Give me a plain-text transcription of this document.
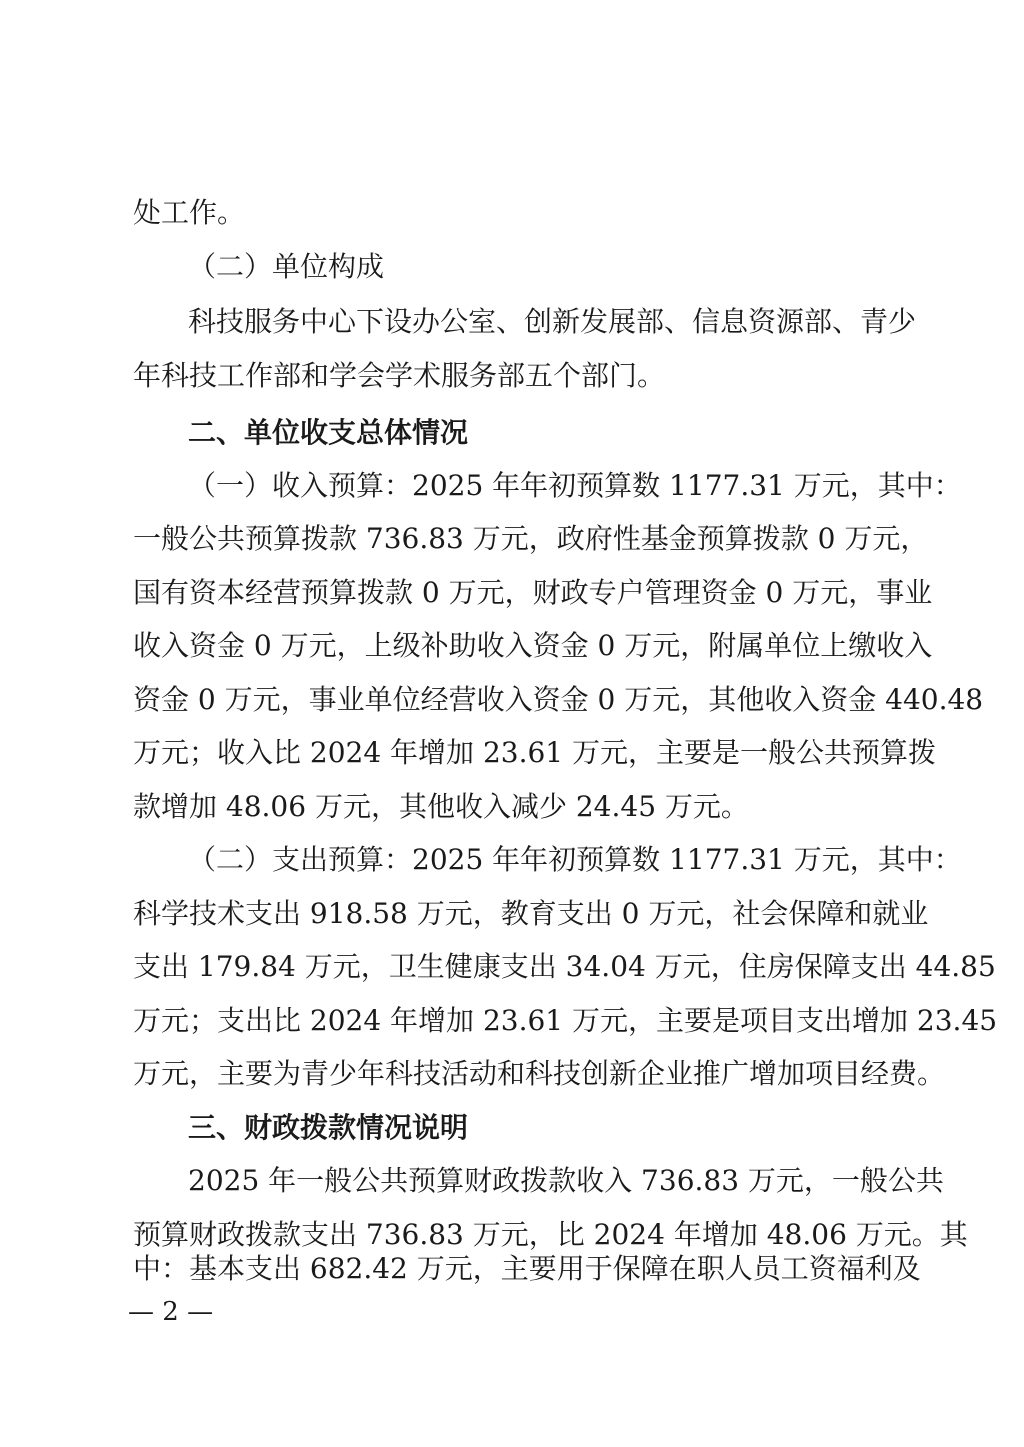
处工作。
（二）单位构成
科技服务中心下设办公室、创新发展部、信息资源部、青少
年科技工作部和学会学术服务部五个部门。
二、单位收支总体情况
（一）收入预算：2025 年年初预算数 1177.31 万元，其中：
一般公共预算拨款 736.83 万元，政府性基金预算拨款 0 万元，
国有资本经营预算拨款 0 万元，财政专户管理资金 0 万元，事业
收入资金 0 万元，上级补助收入资金 0 万元，附属单位上缴收入
资金 0 万元，事业单位经营收入资金 0 万元，其他收入资金 440.48
万元；收入比 2024 年增加 23.61 万元，主要是一般公共预算拨
款增加 48.06 万元，其他收入减少 24.45 万元。
（二）支出预算：2025 年年初预算数 1177.31 万元，其中：
科学技术支出 918.58 万元，教育支出 0 万元，社会保障和就业
支出 179.84 万元，卫生健康支出 34.04 万元，住房保障支出 44.85
万元；支出比 2024 年增加 23.61 万元，主要是项目支出增加 23.45
万元，主要为青少年科技活动和科技创新企业推广增加项目经费。
三、财政拨款情况说明
2025 年一般公共预算财政拨款收入 736.83 万元，一般公共
预算财政拨款支出 736.83 万元，比 2024 年增加 48.06 万元。其
中：基本支出 682.42 万元，主要用于保障在职人员工资福利及
— 2 —
